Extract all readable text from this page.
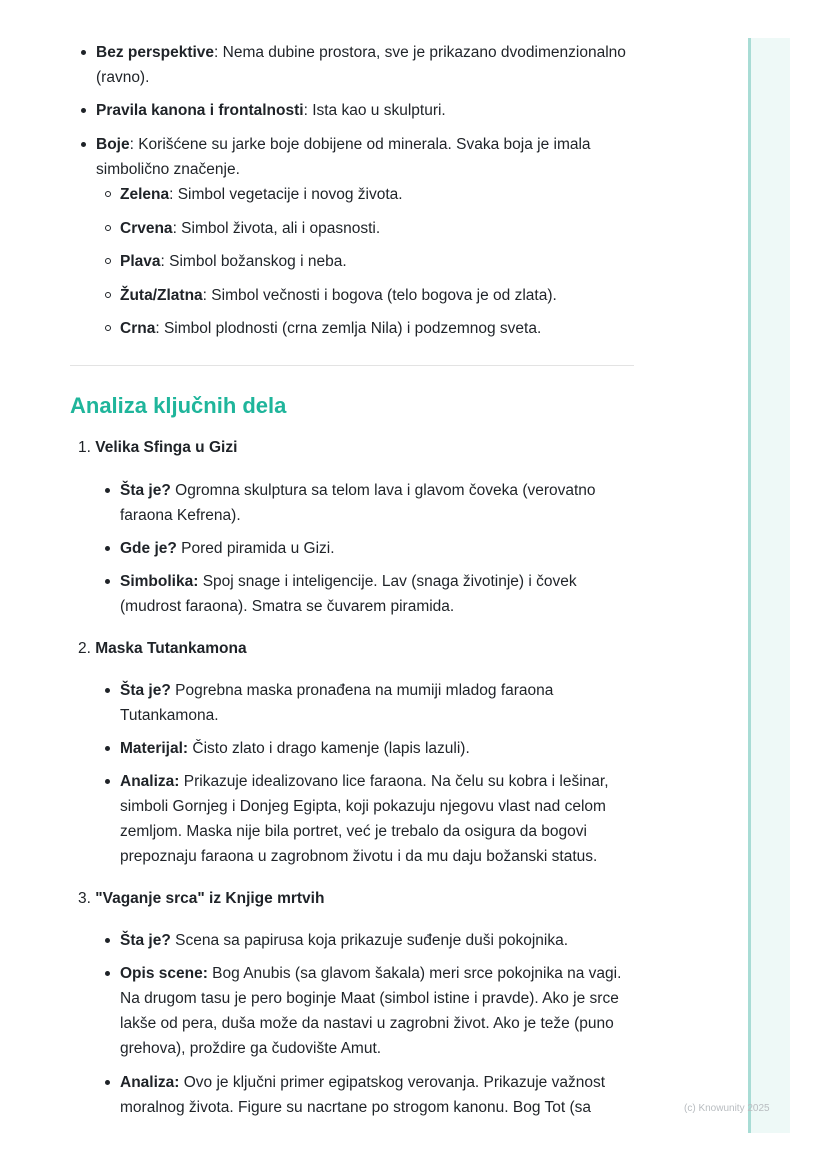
Bez perspektive: Nema dubine prostora, sve je prikazano dvodimenzionalno (ravno).
Pravila kanona i frontalnosti: Ista kao u skulpturi.
Boje: Korišćene su jarke boje dobijene od minerala. Svaka boja je imala simbolično značenje.
Zelena: Simbol vegetacije i novog života.
Crvena: Simbol života, ali i opasnosti.
Plava: Simbol božanskog i neba.
Žuta/Zlatna: Simbol večnosti i bogova (telo bogova je od zlata).
Crna: Simbol plodnosti (crna zemlja Nila) i podzemnog sveta.
Analiza ključnih dela
1. Velika Sfinga u Gizi
Šta je? Ogromna skulptura sa telom lava i glavom čoveka (verovatno faraona Kefrena).
Gde je? Pored piramida u Gizi.
Simbolika: Spoj snage i inteligencije. Lav (snaga životinje) i čovek (mudrost faraona). Smatra se čuvarem piramida.
2. Maska Tutankamona
Šta je? Pogrebna maska pronađena na mumiji mladog faraona Tutankamona.
Materijal: Čisto zlato i drago kamenje (lapis lazuli).
Analiza: Prikazuje idealizovano lice faraona. Na čelu su kobra i lešinar, simboli Gornjeg i Donjeg Egipta, koji pokazuju njegovu vlast nad celom zemljom. Maska nije bila portret, već je trebalo da osigura da bogovi prepoznaju faraona u zagrobnom životu i da mu daju božanski status.
3. "Vaganje srca" iz Knjige mrtvih
Šta je? Scena sa papirusa koja prikazuje suđenje duši pokojnika.
Opis scene: Bog Anubis (sa glavom šakala) meri srce pokojnika na vagi. Na drugom tasu je pero boginje Maat (simbol istine i pravde). Ako je srce lakše od pera, duša može da nastavi u zagrobni život. Ako je teže (puno grehova), proždire ga čudovište Amut.
Analiza: Ovo je ključni primer egipatskog verovanja. Prikazuje važnost moralnog života. Figure su nacrtane po strogom kanonu. Bog Tot (sa	(c) Knowunity 2025
